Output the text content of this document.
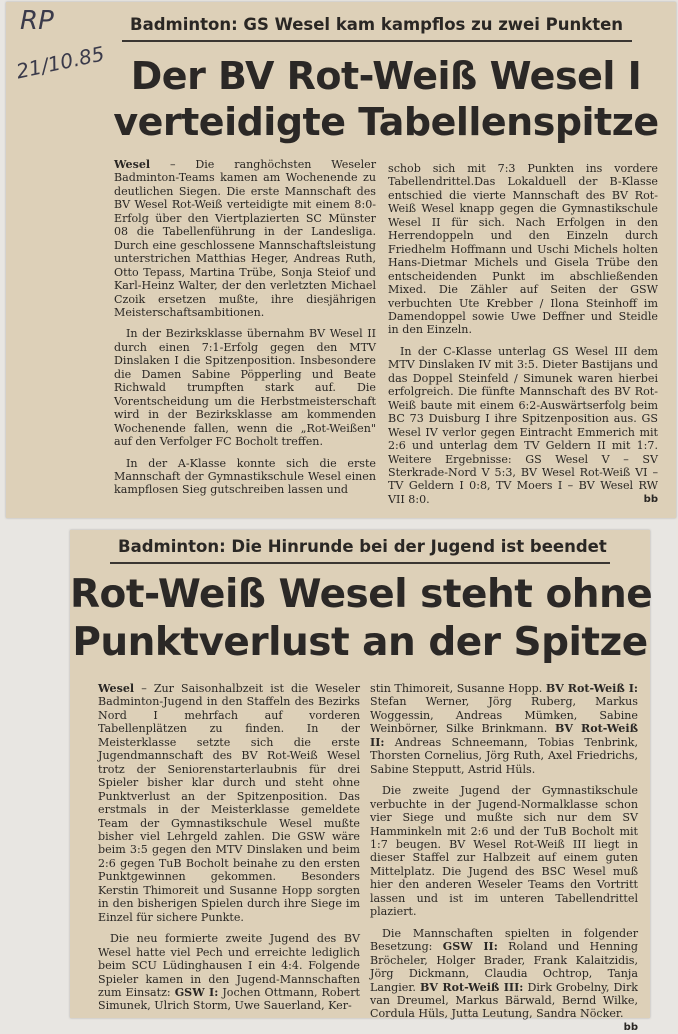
RP
21/10.85
Badminton: GS Wesel kam kampflos zu zwei Punkten
Der BV Rot-Weiß Wesel I
verteidigte Tabellenspitze

Wesel – Die ranghöchsten Weseler Badminton-Teams kamen am Wochenende zu deutlichen Siegen. Die erste Mannschaft des BV Wesel Rot-Weiß verteidigte mit einem 8:0-Erfolg über den Viertplazierten SC Münster 08 die Tabellenführung in der Landesliga. Durch eine geschlossene Mannschaftsleistung unterstrichen Matthias Heger, Andreas Ruth, Otto Tepass, Martina Trübe, Sonja Steiof und Karl-Heinz Walter, der den verletzten Michael Czoik ersetzen mußte, ihre diesjährigen Meisterschaftsambitionen.

In der Bezirksklasse übernahm BV Wesel II durch einen 7:1-Erfolg gegen den MTV Dinslaken I die Spitzenposition. Insbesondere die Damen Sabine Pöpperling und Beate Richwald trumpften stark auf. Die Vorentscheidung um die Herbstmeisterschaft wird in der Bezirksklasse am kommenden Wochenende fallen, wenn die „Rot-Weißen" auf den Verfolger FC Bocholt treffen.

In der A-Klasse konnte sich die erste Mannschaft der Gymnastikschule Wesel einen kampflosen Sieg gutschreiben lassen und

schob sich mit 7:3 Punkten ins vordere Tabellendrittel.Das Lokalduell der B-Klasse entschied die vierte Mannschaft des BV Rot-Weiß Wesel knapp gegen die Gymnastikschule Wesel II für sich. Nach Erfolgen in den Herrendoppeln und den Einzeln durch Friedhelm Hoffmann und Uschi Michels holten Hans-Dietmar Michels und Gisela Trübe den entscheidenden Punkt im abschließenden Mixed. Die Zähler auf Seiten der GSW verbuchten Ute Krebber / Ilona Steinhoff im Damendoppel sowie Uwe Deffner und Steidle in den Einzeln.

In der C-Klasse unterlag GS Wesel III dem MTV Dinslaken IV mit 3:5. Dieter Bastijans und das Doppel Steinfeld / Simunek waren hierbei erfolgreich. Die fünfte Mannschaft des BV Rot-Weiß baute mit einem 6:2-Auswärtserfolg beim BC 73 Duisburg I ihre Spitzenposition aus. GS Wesel IV verlor gegen Eintracht Emmerich mit 2:6 und unterlag dem TV Geldern II mit 1:7. Weitere Ergebnisse: GS Wesel V – SV Sterkrade-Nord V 5:3, BV Wesel Rot-Weiß VI – TV Geldern I 0:8, TV Moers I – BV Wesel RW VII 8:0.	bb

Badminton: Die Hinrunde bei der Jugend ist beendet
Rot-Weiß Wesel steht ohne
Punktverlust an der Spitze

Wesel – Zur Saisonhalbzeit ist die Weseler Badminton-Jugend in den Staffeln des Bezirks Nord I mehrfach auf vorderen Tabellenplätzen zu finden. In der Meisterklasse setzte sich die erste Jugendmannschaft des BV Rot-Weiß Wesel trotz der Seniorenstarterlaubnis für drei Spieler bisher klar durch und steht ohne Punktverlust an der Spitzenposition. Das erstmals in der Meisterklasse gemeldete Team der Gymnastikschule Wesel mußte bisher viel Lehrgeld zahlen. Die GSW wäre beim 3:5 gegen den MTV Dinslaken und beim 2:6 gegen TuB Bocholt beinahe zu den ersten Punktgewinnen gekommen. Besonders Kerstin Thimoreit und Susanne Hopp sorgten in den bisherigen Spielen durch ihre Siege im Einzel für sichere Punkte.

Die neu formierte zweite Jugend des BV Wesel hatte viel Pech und erreichte lediglich beim SCU Lüdinghausen I ein 4:4. Folgende Spieler kamen in den Jugend-Mannschaften zum Einsatz: GSW I: Jochen Ottmann, Robert Simunek, Ulrich Storm, Uwe Sauerland, Ker-

stin Thimoreit, Susanne Hopp. BV Rot-Weiß I: Stefan Werner, Jörg Ruberg, Markus Woggessin, Andreas Mümken, Sabine Weinbörner, Silke Brinkmann. BV Rot-Weiß II: Andreas Schneemann, Tobias Tenbrink, Thorsten Cornelius, Jörg Ruth, Axel Friedrichs, Sabine Stepputt, Astrid Hüls.

Die zweite Jugend der Gymnastikschule verbuchte in der Jugend-Normalklasse schon vier Siege und mußte sich nur dem SV Hamminkeln mit 2:6 und der TuB Bocholt mit 1:7 beugen. BV Wesel Rot-Weiß III liegt in dieser Staffel zur Halbzeit auf einem guten Mittelplatz. Die Jugend des BSC Wesel muß hier den anderen Weseler Teams den Vortritt lassen und ist im unteren Tabellendrittel plaziert.

Die Mannschaften spielten in folgender Besetzung: GSW II: Roland und Henning Bröcheler, Holger Brader, Frank Kalaitzidis, Jörg Dickmann, Claudia Ochtrop, Tanja Langier. BV Rot-Weiß III: Dirk Grobelny, Dirk van Dreumel, Markus Bärwald, Bernd Wilke, Cordula Hüls, Jutta Leutung, Sandra Nöcker.
bb
